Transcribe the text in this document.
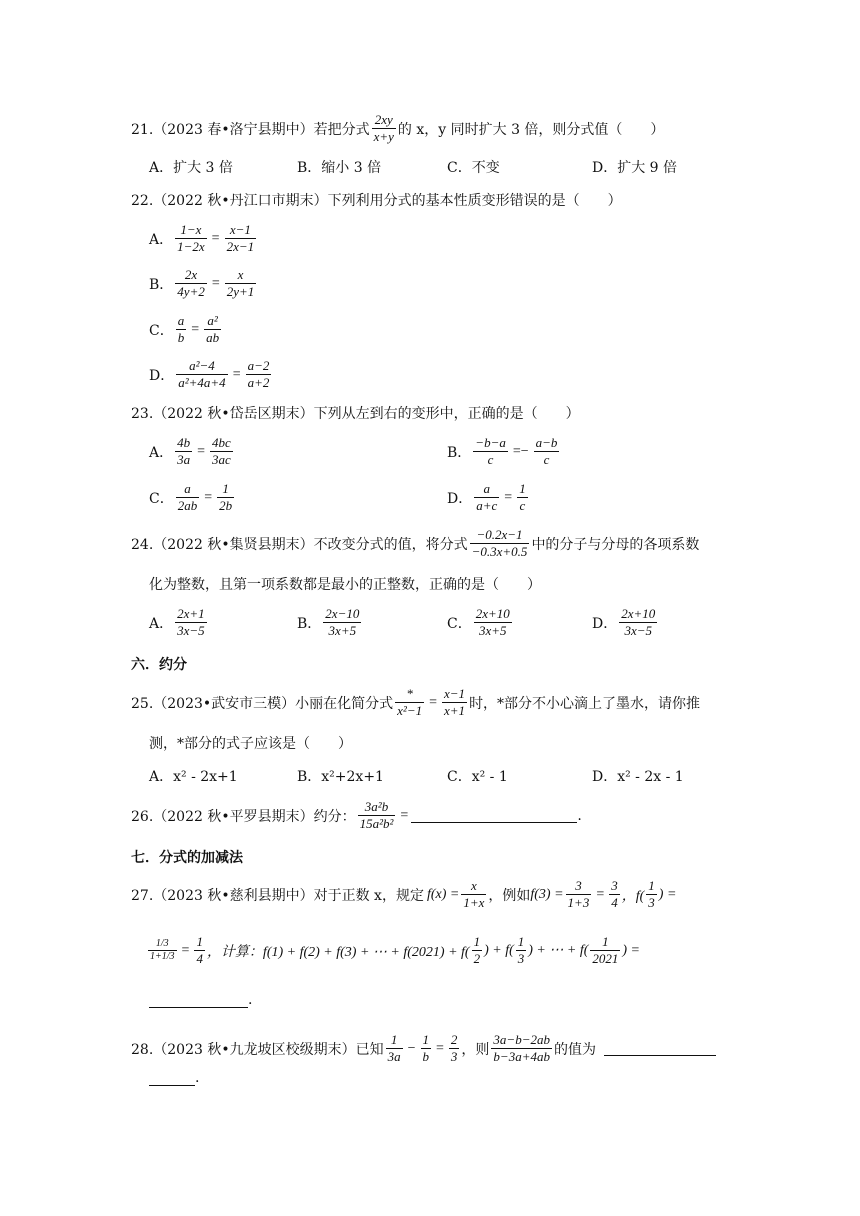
21.（2023 春•洛宁县期中）若把分式 $\frac{2xy}{x+y}$ 的 x，y 同时扩大 3 倍，则分式值（　　）
A．扩大 3 倍	B．缩小 3 倍	C．不变	D．扩大 9 倍
22.（2022 秋•丹江口市期末）下列利用分式的基本性质变形错误的是（　　）
A． $\frac{1-x}{1-2x} = \frac{x-1}{2x-1}$
B． $\frac{2x}{4y+2} = \frac{x}{2y+1}$
C． $\frac{a}{b} = \frac{\text{a²}}{ab}$
D． $\frac{\text{a²−4}}{\text{a²+4a+4}} = \frac{a-2}{a+2}$
23.（2022 秋•岱岳区期末）下列从左到右的变形中，正确的是（　　）
A． $\frac{4b}{3a} = \frac{4bc}{3ac}$	B． $\frac{-b-a}{c} =- \frac{a-b}{c}$
C． $\frac{a}{2ab} = \frac{1}{2b}$	D． $\frac{a}{a+c} = \frac{1}{c}$
24.（2022 秋•集贤县期末）不改变分式的值，将分式 $\frac{-0.2x-1}{-0.3x+0.5}$ 中的分子与分母的各项系数
化为整数，且第一项系数都是最小的正整数，正确的是（　　）
A． $\frac{2x+1}{3x-5}$	B． $\frac{2x-10}{3x+5}$	C． $\frac{2x+10}{3x+5}$	D． $\frac{2x+10}{3x-5}$
六．约分
25.（2023•武安市三模）小丽在化简分式 $\frac{*}{\text{x²−1}} = \frac{x-1}{x+1}$ 时，*部分不小心滴上了墨水，请你推
测，*部分的式子应该是（　　）
A．x² - 2x+1	B．x²+2x+1	C．x² - 1	D．x² - 2x - 1
26.（2022 秋•平罗县期末）约分： $\frac{\text{3a²b}}{\text{15a²b²}}$ =	.
七．分式的加减法
27.（2023 秋•慈利县期中）对于正数 x，规定 $f(x) = \frac{x}{1+x}$ ，例如 $f(3) = \frac{3}{1+3} = \frac{3}{4}$ ，$f( \frac{1}{3}$ ) =
$\frac{1/3}{1+1/3} = \frac{1}{4}$ ，计算：f(1) + f(2) + f(3) + ⋯ + $f(2021) + f( \frac{1}{2}$ ) + $f( \frac{1}{3}$ ) + ⋯ + $f( \frac{1}{2021}$ ) =
.
28.（2023 秋•九龙坡区校级期末）已知 $\frac{1}{3a} - \frac{1}{b} = \frac{2}{3}$ ，则 $\frac{3a-b-2ab}{b-3a+4ab}$ 的值为
.
